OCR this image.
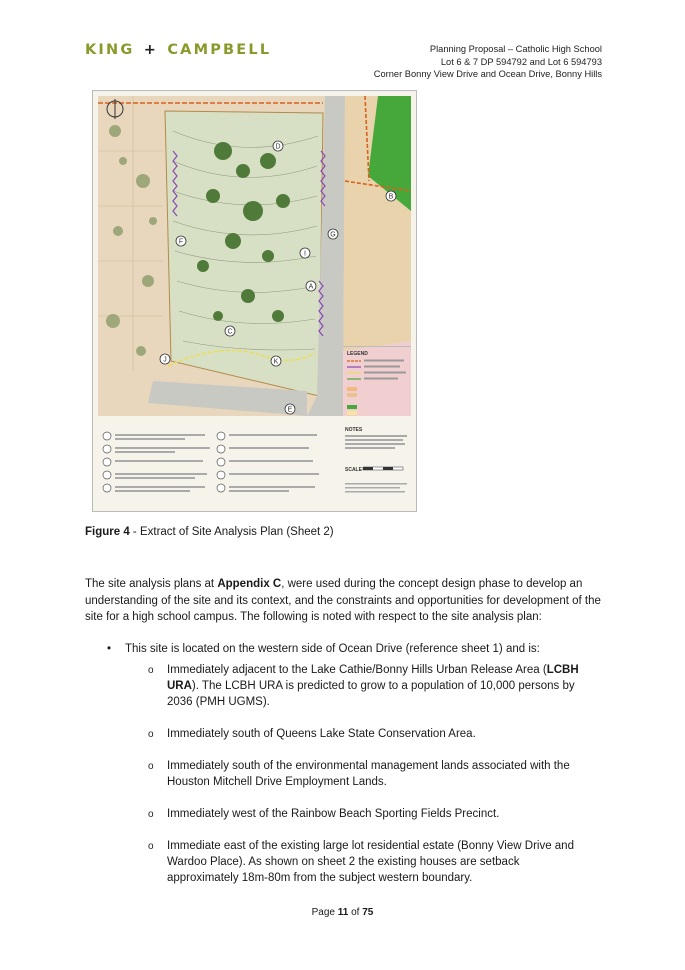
KING + CAMPBELL	Planning Proposal – Catholic High School
Lot 6 & 7 DP 594792 and Lot 6 594793
Corner Bonny View Drive and Ocean Drive, Bonny Hills
D
B
F
G
I
A
C
J	K
E
LEGEND
NOTES
SCALE
Figure 4 - Extract of Site Analysis Plan (Sheet 2)
The site analysis plans at Appendix C, were used during the concept design phase to develop an understanding of the site and its context, and the constraints and opportunities for development of the site for a high school campus. The following is noted with respect to the site analysis plan:
• This site is located on the western side of Ocean Drive (reference sheet 1) and is:
o Immediately adjacent to the Lake Cathie/Bonny Hills Urban Release Area (LCBH URA). The LCBH URA is predicted to grow to a population of 10,000 persons by 2036 (PMH UGMS).
o Immediately south of Queens Lake State Conservation Area.
o Immediately south of the environmental management lands associated with the Houston Mitchell Drive Employment Lands.
o Immediately west of the Rainbow Beach Sporting Fields Precinct.
o Immediate east of the existing large lot residential estate (Bonny View Drive and Wardoo Place). As shown on sheet 2 the existing houses are setback approximately 18m-80m from the subject western boundary.
Page 11 of 75
